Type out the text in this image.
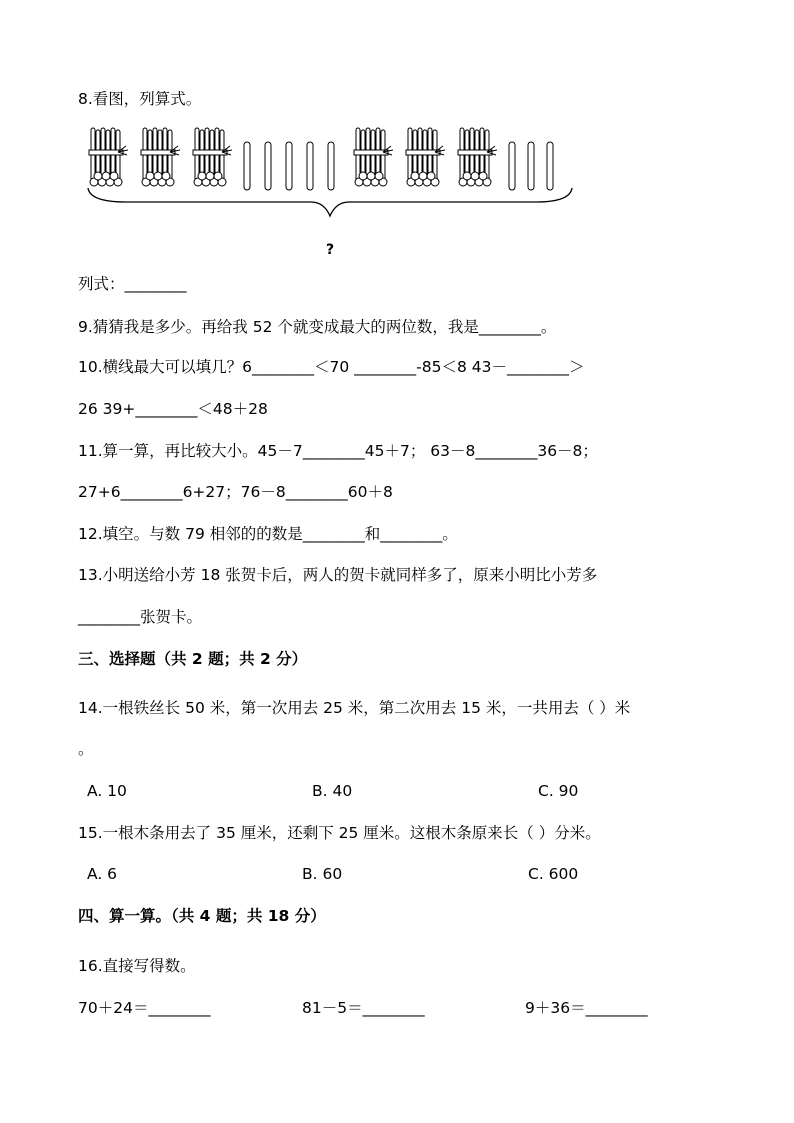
8.看图，列算式。
?
列式：________
9.猜猜我是多少。再给我 52 个就变成最大的两位数，我是________。
10.横线最大可以填几？6________＜70 ________-85＜8 43－________＞
26 39+________＜48＋28
11.算一算，再比较大小。45－7________45＋7； 63－8________36－8；
27+6________6+27；76－8________60＋8
12.填空。与数 79 相邻的的数是________和________。
13.小明送给小芳 18 张贺卡后，两人的贺卡就同样多了，原来小明比小芳多
________张贺卡。
三、选择题（共 2 题；共 2 分）
14.一根铁丝长 50 米，第一次用去 25 米，第二次用去 15 米，一共用去（ ）米
。
A. 10	B. 40	C. 90
15.一根木条用去了 35 厘米，还剩下 25 厘米。这根木条原来长（ ）分米。
A. 6	B. 60	C. 600
四、算一算。（共 4 题；共 18 分）
16.直接写得数。
70＋24＝________	81－5＝________	9＋36＝________
